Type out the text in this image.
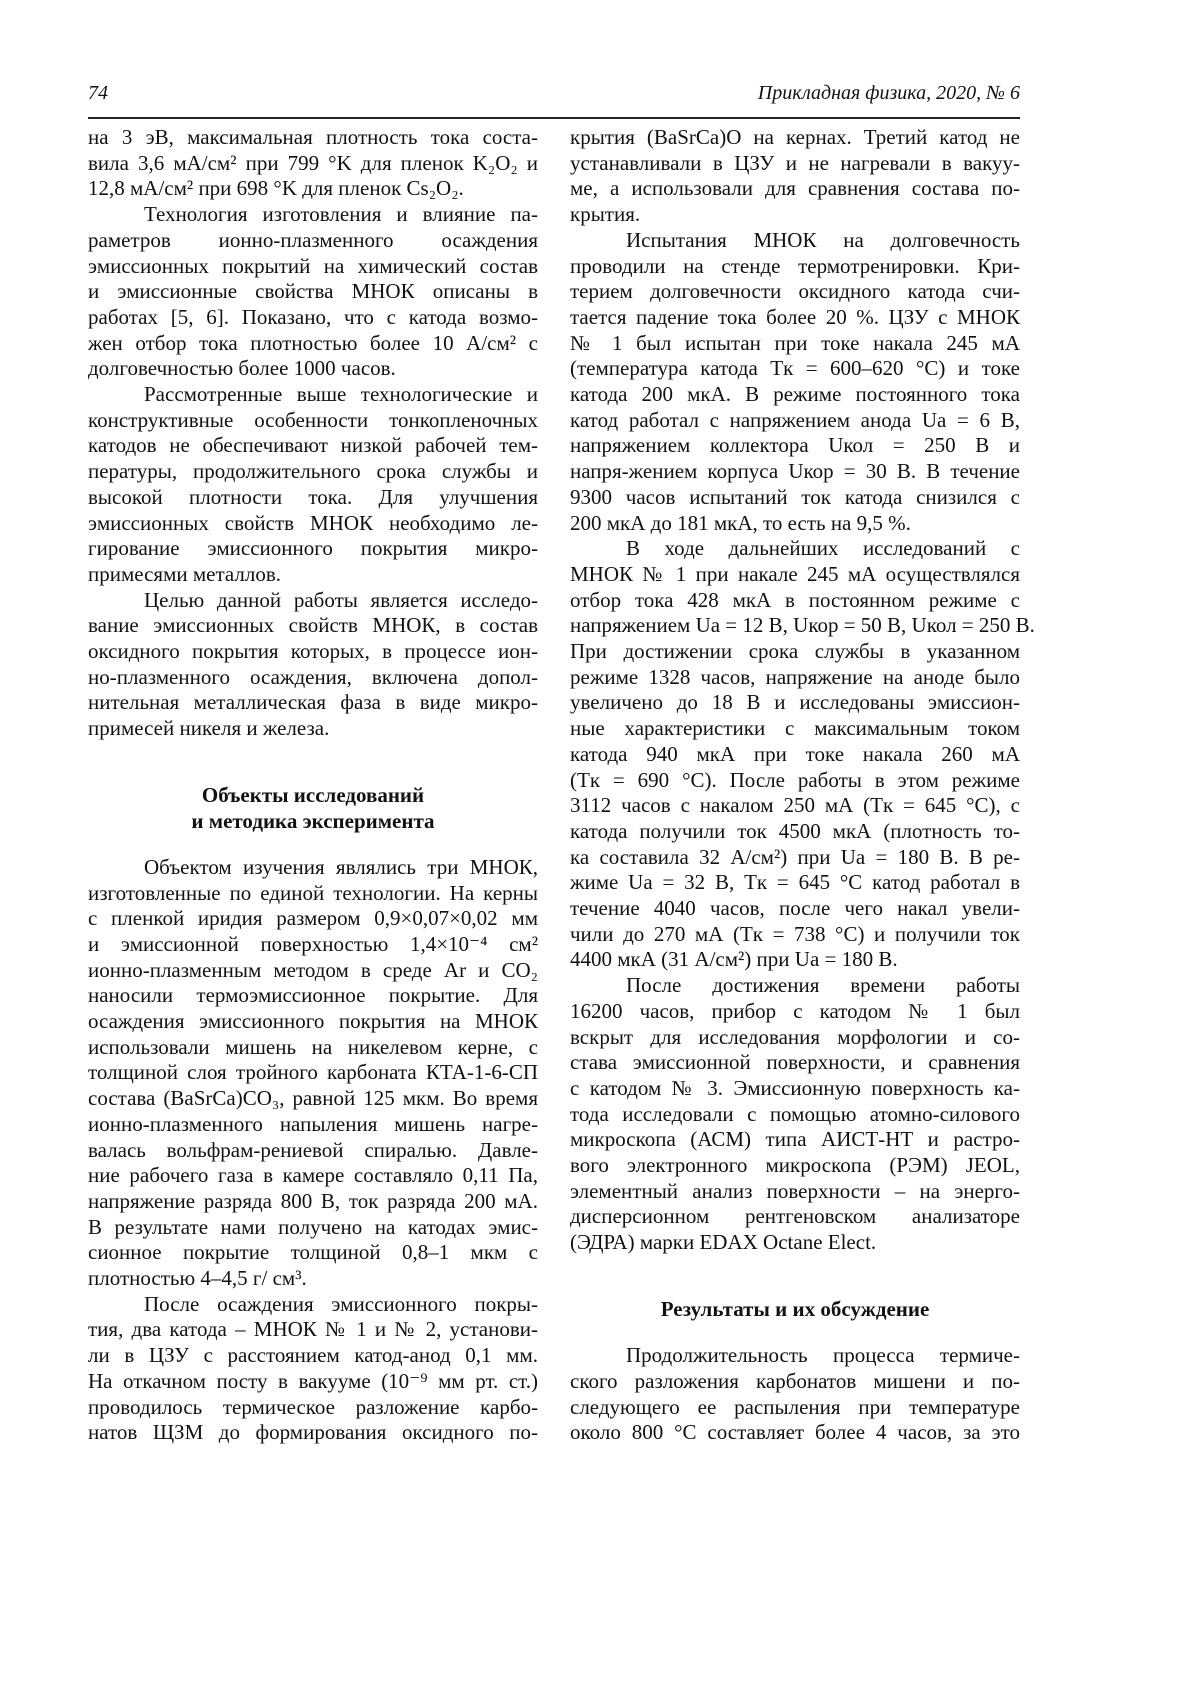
74	Прикладная физика, 2020, № 6
на 3 эВ, максимальная плотность тока соста-
вила 3,6 мА/см² при 799 °K для пленок K₂O₂ и
12,8 мА/см² при 698 °K для пленок Cs₂O₂.
Технология изготовления и влияние па-
раметров ионно-плазменного осаждения
эмиссионных покрытий на химический состав
и эмиссионные свойства МНОК описаны в
работах [5, 6]. Показано, что с катода возмо-
жен отбор тока плотностью более 10 А/см² с
долговечностью более 1000 часов.
Рассмотренные выше технологические и
конструктивные особенности тонкопленочных
катодов не обеспечивают низкой рабочей тем-
пературы, продолжительного срока службы и
высокой плотности тока. Для улучшения
эмиссионных свойств МНОК необходимо ле-
гирование эмиссионного покрытия микро-
примесями металлов.
Целью данной работы является исследо-
вание эмиссионных свойств МНОК, в состав
оксидного покрытия которых, в процессе ион-
но-плазменного осаждения, включена допол-
нительная металлическая фаза в виде микро-
примесей никеля и железа.
Объекты исследований
и методика эксперимента
Объектом изучения являлись три МНОК,
изготовленные по единой технологии. На керны
с пленкой иридия размером 0,9×0,07×0,02 мм
и эмиссионной поверхностью 1,4×10⁻⁴ см²
ионно-плазменным методом в среде Ar и CO₂
наносили термоэмиссионное покрытие. Для
осаждения эмиссионного покрытия на МНОК
использовали мишень на никелевом керне, с
толщиной слоя тройного карбоната КТА-1-6-СП
состава (BaSrCa)CO₃, равной 125 мкм. Во время
ионно-плазменного напыления мишень нагре-
валась вольфрам-рениевой спиралью. Давле-
ние рабочего газа в камере составляло 0,11 Па,
напряжение разряда 800 В, ток разряда 200 мА.
В результате нами получено на катодах эмис-
сионное покрытие толщиной 0,8–1 мкм с
плотностью 4–4,5 г/ см³.
После осаждения эмиссионного покры-
тия, два катода – МНОК № 1 и № 2, установи-
ли в ЦЗУ с расстоянием катод-анод 0,1 мм.
На откачном посту в вакууме (10⁻⁹ мм рт. ст.)
проводилось термическое разложение карбо-
натов ЩЗМ до формирования оксидного по-
крытия (BaSrCa)O на кернах. Третий катод не
устанавливали в ЦЗУ и не нагревали в вакуу-
ме, а использовали для сравнения состава по-
крытия.
Испытания МНОК на долговечность
проводили на стенде термотренировки. Кри-
терием долговечности оксидного катода счи-
тается падение тока более 20 %. ЦЗУ с МНОК
№ 1 был испытан при токе накала 245 мА
(температура катода Tк = 600–620 °C) и токе
катода 200 мкА. В режиме постоянного тока
катод работал с напряжением анода Uа = 6 В,
напряжением коллектора Uкол = 250 В и
напря-жением корпуса Uкор = 30 В. В течение
9300 часов испытаний ток катода снизился с
200 мкА до 181 мкА, то есть на 9,5 %.
В ходе дальнейших исследований с
МНОК № 1 при накале 245 мА осуществлялся
отбор тока 428 мкА в постоянном режиме с
напряжением Uа = 12 В, Uкор = 50 В, Uкол = 250 В.
При достижении срока службы в указанном
режиме 1328 часов, напряжение на аноде было
увеличено до 18 В и исследованы эмиссион-
ные характеристики с максимальным током
катода 940 мкА при токе накала 260 мА
(Tк = 690 °C). После работы в этом режиме
3112 часов с накалом 250 мА (Tк = 645 °C), с
катода получили ток 4500 мкА (плотность то-
ка составила 32 А/см²) при Uа = 180 В. В ре-
жиме Uа = 32 В, Tк = 645 °C катод работал в
течение 4040 часов, после чего накал увели-
чили до 270 мА (Tк = 738 °C) и получили ток
4400 мкА (31 А/см²) при Uа = 180 В.
После достижения времени работы
16200 часов, прибор с катодом № 1 был
вскрыт для исследования морфологии и со-
става эмиссионной поверхности, и сравнения
с катодом № 3. Эмиссионную поверхность ка-
тода исследовали с помощью атомно-силового
микроскопа (АСМ) типа АИСТ-НТ и растро-
вого электронного микроскопа (РЭМ) JEOL,
элементный анализ поверхности – на энерго-
дисперсионном рентгеновском анализаторе
(ЭДРА) марки EDAX Octane Elect.
Результаты и их обсуждение
Продолжительность процесса термиче-
ского разложения карбонатов мишени и по-
следующего ее распыления при температуре
около 800 °C составляет более 4 часов, за это
